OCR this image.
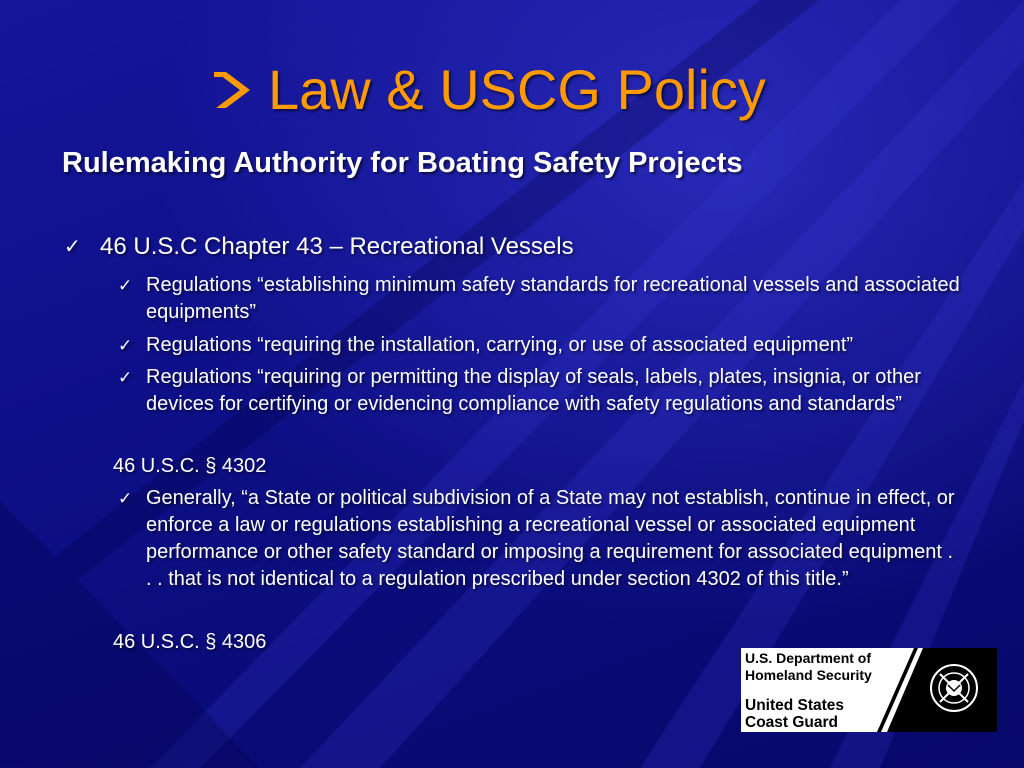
Law & USCG Policy
Rulemaking Authority for Boating Safety Projects
✓ 46 U.S.C Chapter 43 – Recreational Vessels
✓ Regulations “establishing minimum safety standards for recreational vessels and associated equipments”
✓ Regulations “requiring the installation, carrying, or use of associated equipment”
✓ Regulations “requiring or permitting the display of seals, labels, plates, insignia, or other devices for certifying or evidencing compliance with safety regulations and standards”
46 U.S.C. § 4302
✓ Generally, “a State or political subdivision of a State may not establish, continue in effect, or enforce a law or regulations establishing a recreational vessel or associated equipment performance or other safety standard or imposing a requirement for associated equipment . . . that is not identical to a regulation prescribed under section 4302 of this title.”
46 U.S.C. § 4306
U.S. Department of
Homeland Security
United States
Coast Guard
